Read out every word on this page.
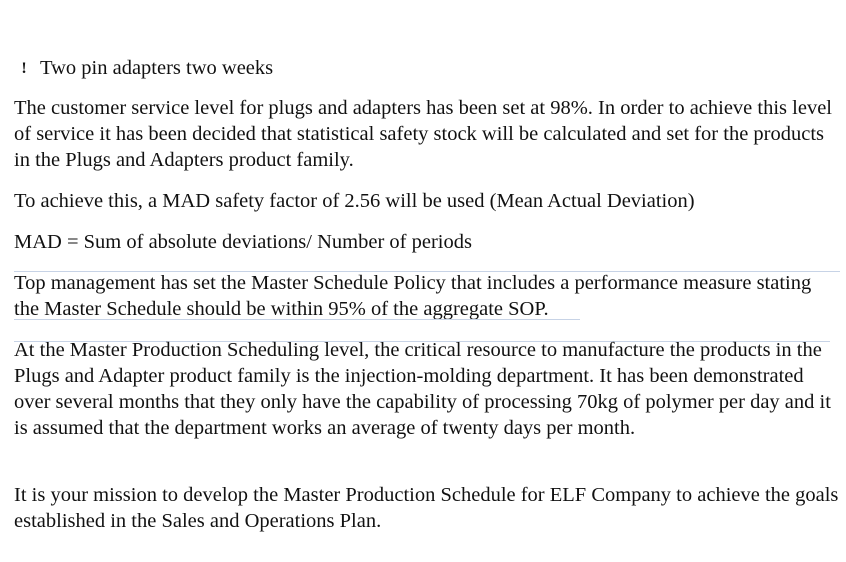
! Two pin adapters two weeks

The customer service level for plugs and adapters has been set at 98%. In order to achieve this level of service it has been decided that statistical safety stock will be calculated and set for the products in the Plugs and Adapters product family.

To achieve this, a MAD safety factor of 2.56 will be used (Mean Actual Deviation)

MAD = Sum of absolute deviations/ Number of periods

Top management has set the Master Schedule Policy that includes a performance measure stating the Master Schedule should be within 95% of the aggregate SOP.

At the Master Production Scheduling level, the critical resource to manufacture the products in the Plugs and Adapter product family is the injection-molding department. It has been demonstrated over several months that they only have the capability of processing 70kg of polymer per day and it is assumed that the department works an average of twenty days per month.

It is your mission to develop the Master Production Schedule for ELF Company to achieve the goals established in the Sales and Operations Plan.
